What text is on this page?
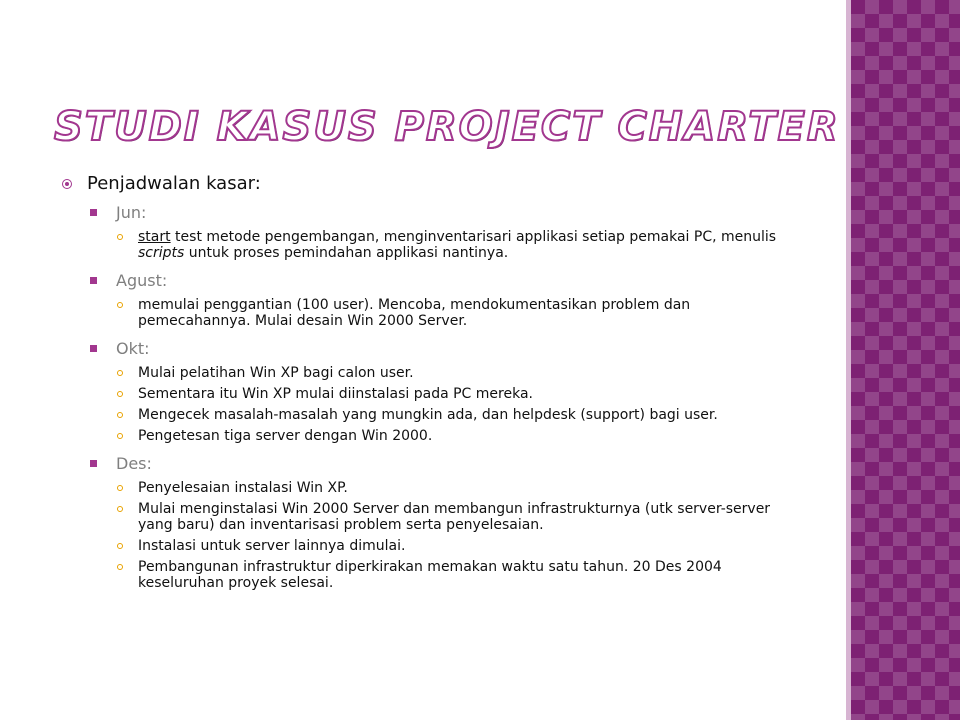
STUDI KASUS PROJECT CHARTER
Penjadwalan kasar:
Jun:
start test metode pengembangan, menginventarisari applikasi setiap pemakai PC, menulis scripts untuk proses pemindahan applikasi nantinya.
Agust:
memulai penggantian (100 user). Mencoba, mendokumentasikan problem dan pemecahannya. Mulai desain Win 2000 Server.
Okt:
Mulai pelatihan Win XP bagi calon user.
Sementara itu Win XP mulai diinstalasi pada PC mereka.
Mengecek masalah-masalah yang mungkin ada, dan helpdesk (support) bagi user.
Pengetesan tiga server dengan Win 2000.
Des:
Penyelesaian instalasi Win XP.
Mulai menginstalasi Win 2000 Server dan membangun infrastrukturnya (utk server-server yang baru) dan inventarisasi problem serta penyelesaian.
Instalasi untuk server lainnya dimulai.
Pembangunan infrastruktur diperkirakan memakan waktu satu tahun. 20 Des 2004 keseluruhan proyek selesai.
